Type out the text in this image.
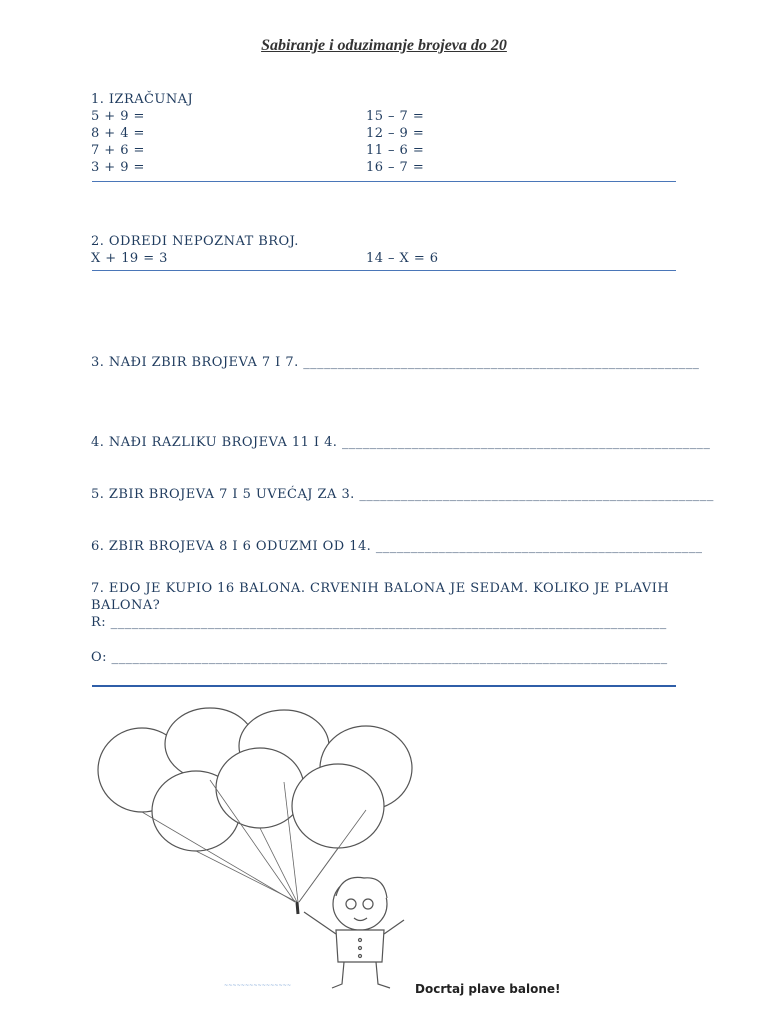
Sabiranje i oduzimanje brojeva do 20
1. IZRAČUNAJ
5 + 9 =
8 + 4 =
7 + 6 =
3 + 9 =
15 – 7 =
12 – 9 =
11 – 6 =
16 – 7 =
2. ODREDI NEPOZNAT BROJ.
X + 19 = 3	14 – X = 6
3. NAĐI ZBIR BROJEVA 7 I 7. _________________________________________________________
4. NAĐI RAZLIKU BROJEVA 11 I 4. _____________________________________________________
5. ZBIR BROJEVA 7 I 5 UVEĆAJ ZA 3. ___________________________________________________
6. ZBIR BROJEVA 8 I 6 ODUZMI OD 14. _______________________________________________
7. EDO JE KUPIO 16 BALONA. CRVENIH BALONA JE SEDAM. KOLIKO JE PLAVIH
BALONA?
R: ________________________________________________________________________________
O: ________________________________________________________________________________
~~~~~~~~~~~~~~~~	Docrtaj plave balone!
